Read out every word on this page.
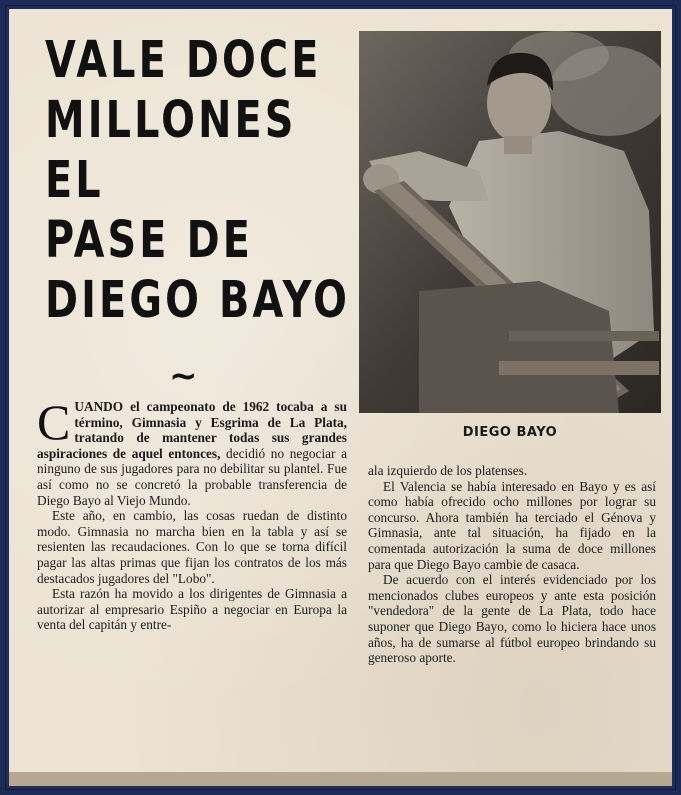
VALE DOCE
MILLONES EL
PASE DE
DIEGO BAYO
~
DIEGO BAYO

CUANDO el campeonato de 1962 tocaba a su término, Gimnasia y Esgrima de La Plata, tratando de mantener todas sus grandes aspiraciones de aquel entonces, decidió no negociar a ninguno de sus jugadores para no debilitar su plantel. Fue así como no se concretó la probable transferencia de Diego Bayo al Viejo Mundo.

Este año, en cambio, las cosas ruedan de distinto modo. Gimnasia no marcha bien en la tabla y así se resienten las recaudaciones. Con lo que se torna difícil pagar las altas primas que fijan los contratos de los más destacados jugadores del "Lobo".

Esta razón ha movido a los dirigentes de Gimnasia a autorizar al empresario Espiño a negociar en Europa la venta del capitán y entre-

ala izquierdo de los platenses.

El Valencia se había interesado en Bayo y es así como había ofrecido ocho millones por lograr su concurso. Ahora también ha terciado el Génova y Gimnasia, ante tal situación, ha fijado en la comentada autorización la suma de doce millones para que Diego Bayo cambie de casaca.

De acuerdo con el interés evidenciado por los mencionados clubes europeos y ante esta posición "vendedora" de la gente de La Plata, todo hace suponer que Diego Bayo, como lo hiciera hace unos años, ha de sumarse al fútbol europeo brindando su generoso aporte.
